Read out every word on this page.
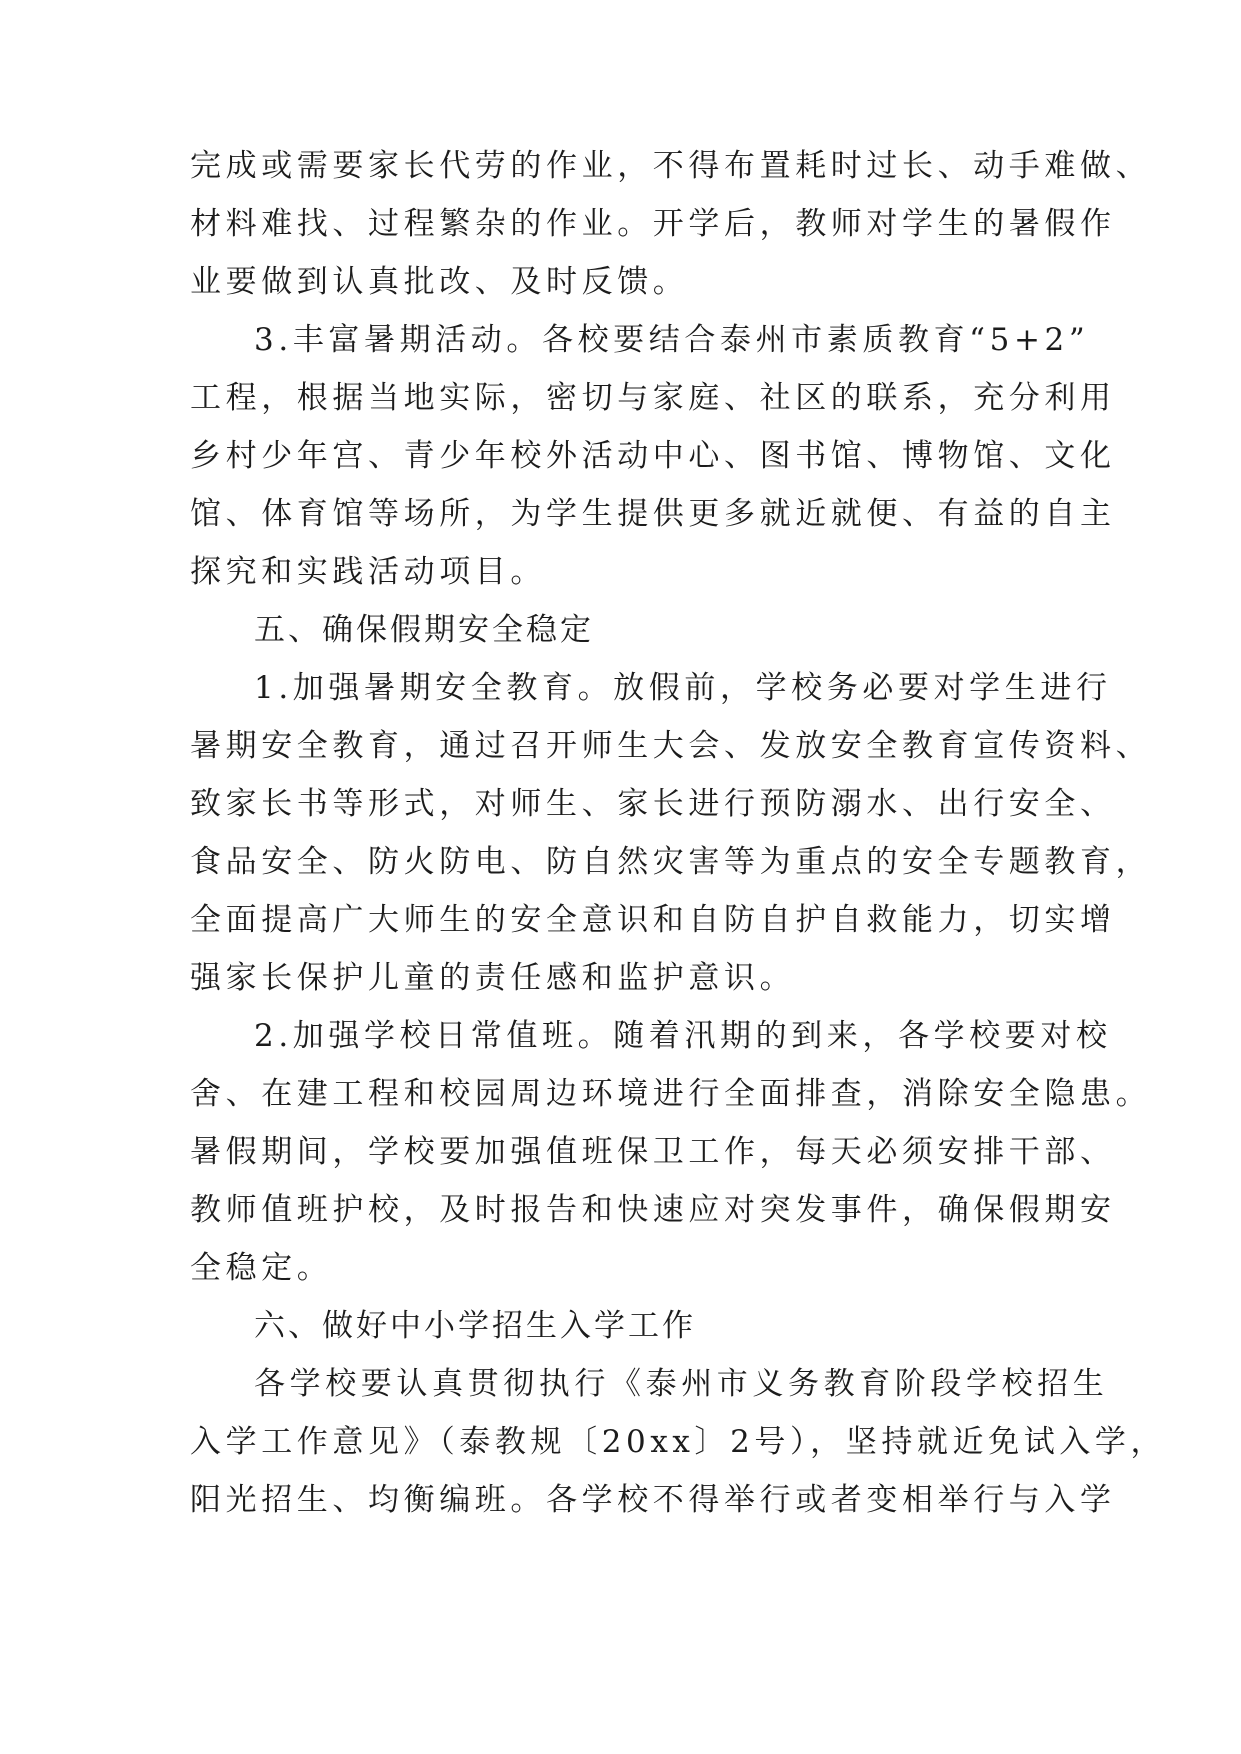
完成或需要家长代劳的作业，不得布置耗时过长、动手难做、
材料难找、过程繁杂的作业。开学后，教师对学生的暑假作
业要做到认真批改、及时反馈。
3.丰富暑期活动。各校要结合泰州市素质教育“5+2”
工程，根据当地实际，密切与家庭、社区的联系，充分利用
乡村少年宫、青少年校外活动中心、图书馆、博物馆、文化
馆、体育馆等场所，为学生提供更多就近就便、有益的自主
探究和实践活动项目。
五、确保假期安全稳定
1.加强暑期安全教育。放假前，学校务必要对学生进行
暑期安全教育，通过召开师生大会、发放安全教育宣传资料、
致家长书等形式，对师生、家长进行预防溺水、出行安全、
食品安全、防火防电、防自然灾害等为重点的安全专题教育，
全面提高广大师生的安全意识和自防自护自救能力，切实增
强家长保护儿童的责任感和监护意识。
2.加强学校日常值班。随着汛期的到来，各学校要对校
舍、在建工程和校园周边环境进行全面排查，消除安全隐患。
暑假期间，学校要加强值班保卫工作，每天必须安排干部、
教师值班护校，及时报告和快速应对突发事件，确保假期安
全稳定。
六、做好中小学招生入学工作
各学校要认真贯彻执行《泰州市义务教育阶段学校招生
入学工作意见》（泰教规〔20xx〕2号），坚持就近免试入学，
阳光招生、均衡编班。各学校不得举行或者变相举行与入学
